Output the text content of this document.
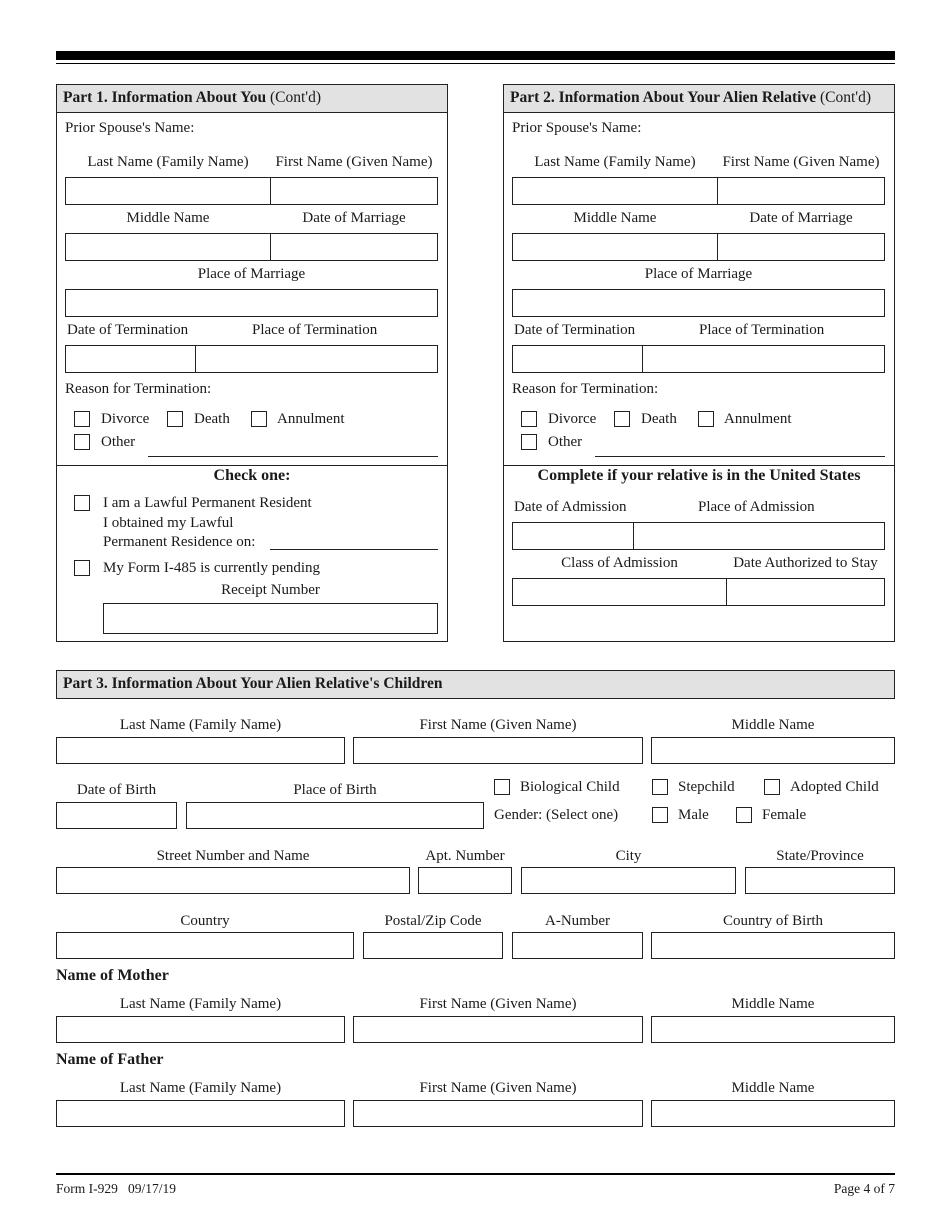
Part 1. Information About You (Cont'd)
Prior Spouse's Name:
Last Name (Family Name)	First Name (Given Name)
Middle Name	Date of Marriage
Place of Marriage
Date of Termination	Place of Termination
Reason for Termination:
Divorce	Death	Annulment
Other
Check one:
I am a Lawful Permanent Resident
I obtained my Lawful
Permanent Residence on:
My Form I-485 is currently pending
Receipt Number
Part 2. Information About Your Alien Relative (Cont'd)
Prior Spouse's Name:
Last Name (Family Name)	First Name (Given Name)
Middle Name	Date of Marriage
Place of Marriage
Date of Termination	Place of Termination
Reason for Termination:
Divorce	Death	Annulment
Other
Complete if your relative is in the United States
Date of Admission	Place of Admission
Class of Admission	Date Authorized to Stay
Part 3. Information About Your Alien Relative's Children
Last Name (Family Name)	First Name (Given Name)	Middle Name
Date of Birth	Place of Birth	Biological Child	Stepchild	Adopted Child
Gender: (Select one)	Male	Female
Street Number and Name	Apt. Number	City	State/Province
Country	Postal/Zip Code	A-Number	Country of Birth
Name of Mother
Last Name (Family Name)	First Name (Given Name)	Middle Name
Name of Father
Last Name (Family Name)	First Name (Given Name)	Middle Name
Form I-929   09/17/19	Page 4 of 7
